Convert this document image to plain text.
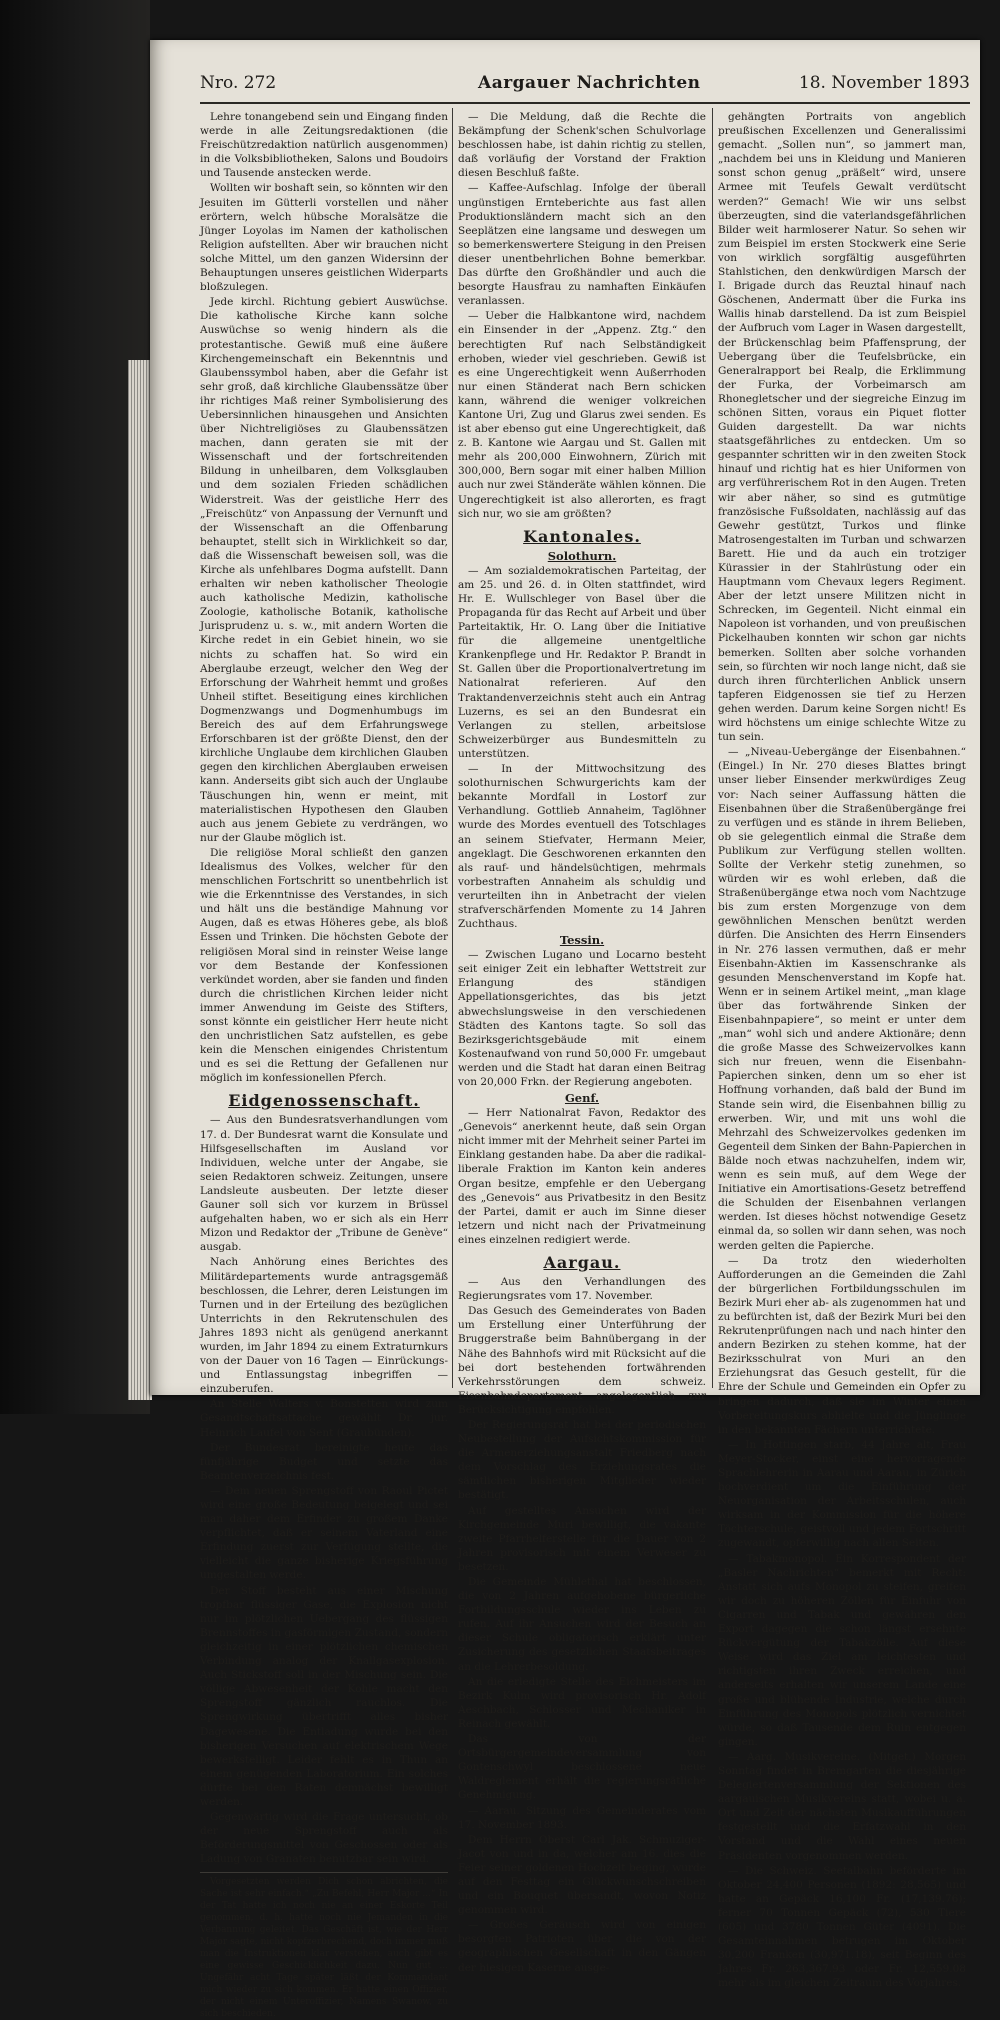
Nro. 272	Aargauer Nachrichten	18. November 1893

Lehre tonangebend sein und Eingang finden werde in alle Zeitungsredaktionen (die Freischützredaktion natürlich ausgenommen) in die Volksbibliotheken, Salons und Boudoirs und Tausende anstecken werde.

Wollten wir boshaft sein, so könnten wir den Jesuiten im Gütterli vorstellen und näher erörtern, welch hübsche Moralsätze die Jünger Loyolas im Namen der katholischen Religion aufstellten. Aber wir brauchen nicht solche Mittel, um den ganzen Widersinn der Behauptungen unseres geistlichen Widerparts bloßzulegen.

Jede kirchl. Richtung gebiert Auswüchse. Die katholische Kirche kann solche Auswüchse so wenig hindern als die protestantische. Gewiß muß eine äußere Kirchengemeinschaft ein Bekenntnis und Glaubenssymbol haben, aber die Gefahr ist sehr groß, daß kirchliche Glaubenssätze über ihr richtiges Maß reiner Symbolisierung des Uebersinnlichen hinausgehen und Ansichten über Nichtreligiöses zu Glaubenssätzen machen, dann geraten sie mit der Wissenschaft und der fortschreitenden Bildung in unheilbaren, dem Volksglauben und dem sozialen Frieden schädlichen Widerstreit. Was der geistliche Herr des „Freischütz“ von Anpassung der Vernunft und der Wissenschaft an die Offenbarung behauptet, stellt sich in Wirklichkeit so dar, daß die Wissenschaft beweisen soll, was die Kirche als unfehlbares Dogma aufstellt. Dann erhalten wir neben katholischer Theologie auch katholische Medizin, katholische Zoologie, katholische Botanik, katholische Jurisprudenz u. s. w., mit andern Worten die Kirche redet in ein Gebiet hinein, wo sie nichts zu schaffen hat. So wird ein Aberglaube erzeugt, welcher den Weg der Erforschung der Wahrheit hemmt und großes Unheil stiftet. Beseitigung eines kirchlichen Dogmenzwangs und Dogmenhumbugs im Bereich des auf dem Erfahrungswege Erforschbaren ist der größte Dienst, den der kirchliche Unglaube dem kirchlichen Glauben gegen den kirchlichen Aberglauben erweisen kann. Anderseits gibt sich auch der Unglaube Täuschungen hin, wenn er meint, mit materialistischen Hypothesen den Glauben auch aus jenem Gebiete zu verdrängen, wo nur der Glaube möglich ist.

Die religiöse Moral schließt den ganzen Idealismus des Volkes, welcher für den menschlichen Fortschritt so unentbehrlich ist wie die Erkenntnisse des Verstandes, in sich und hält uns die beständige Mahnung vor Augen, daß es etwas Höheres gebe, als bloß Essen und Trinken. Die höchsten Gebote der religiösen Moral sind in reinster Weise lange vor dem Bestande der Konfessionen verkündet worden, aber sie fanden und finden durch die christlichen Kirchen leider nicht immer Anwendung im Geiste des Stifters, sonst könnte ein geistlicher Herr heute nicht den unchristlichen Satz aufstellen, es gebe kein die Menschen einigendes Christentum und es sei die Rettung der Gefallenen nur möglich im konfessionellen Pferch.

Eidgenossenschaft.

— Aus den Bundesratsverhandlungen vom 17. d. Der Bundesrat warnt die Konsulate und Hilfsgesellschaften im Ausland vor Individuen, welche unter der Angabe, sie seien Redaktoren schweiz. Zeitungen, unsere Landsleute ausbeuten. Der letzte dieser Gauner soll sich vor kurzem in Brüssel aufgehalten haben, wo er sich als ein Herr Mizon und Redaktor der „Tribune de Genève“ ausgab.

Nach Anhörung eines Berichtes des Militärdepartements wurde antragsgemäß beschlossen, die Lehrer, deren Leistungen im Turnen und in der Erteilung des bezüglichen Unterrichts in den Rekrutenschulen des Jahres 1893 nicht als genügend anerkannt wurden, im Jahr 1894 zu einem Extraturnkurs von der Dauer von 16 Tagen — Einrückungs- und Entlassungstag inbegriffen — einzuberufen.

An Stelle Walters v. Bonstetten wird zum Gesandtschaftsattache gewählt Dr. jur. Heinrich Laufel von Sent (Graubünden).

Der Bundesrat bereinigte heute das fünfjährige Budget und setzte das Beamtenverzeichnis fest.

— Dem neuen Sprengstoff von Raoul Pictet wird eine große Bedeutung beigelegt und sei man daher dem Erfinder zu großem Danke verpflichtet, daß er seinem Vaterland eine Erfindung zuerst zur Verfügung stellte, die vielleicht die ganze bisherige Kriegsführung umgestalten werde.

Der Stoff besteht aus einer Mischung tropfbar flüssiger Gase, die Explosion nicht nur im plötzlichen Uebergang des flüssigen Brennstoffes in gasförmigen Zustand, sondern gleichzeitig in einer plötzlichen chemischen Verbindung analog der Knallgasexplosion. Auch Stickstoff soll in der Mischung sein. Die völlige Abwesenheit der Kohle macht den Sprengstoff gänzlich rauchlos. Die Sprengwirkung übertrifft alles bisher Dagewesene. Die Entladung wurde bei den bisherigen Versuchen auf elektrischem Wege bewerkstelligt. Leider fehlt es in Thun an einem genügenden Laboratorium. Ein solches dürfte bei den Raten demnächst bewilligt werden.

Gegenwärtig wird die Frage untersucht, ob der neue Sprengstoff auch als Beförderungsmittel von Geschossen oder als Ladung von Granaten benutzbar sein wird.

Vorgesetzten werden Dich schon abrichten, die Sache ist sehr einfach.“ „Zu Befehl, Herr Major ...“ In der Tat hatte ich noch nie an einer Eskorte Teil genommen, d. h. hatte noch nie Jemanden in die Verbannung geleitet. Das Geschäft ist, wie der Herr Major sagte, nicht kopfzerbrechend, doch immer muß man die Instruktionen klar verstehen, auch gibt es eine gewisse Geschicklichkeit dazu. Nun gut ... Ungefähr acht Tage später läßt der Kommandant mich wieder zu sich kommen. Er hatte einen Offizier, der nicht einem Unteroffizier, Namens Swanow, zu sich beschieden.

— Die Meldung, daß die Rechte die Bekämpfung der Schenk'schen Schulvorlage beschlossen habe, ist dahin richtig zu stellen, daß vorläufig der Vorstand der Fraktion diesen Beschluß faßte.

— Kaffee-Aufschlag. Infolge der überall ungünstigen Ernteberichte aus fast allen Produktionsländern macht sich an den Seeplätzen eine langsame und deswegen um so bemerkenswertere Steigung in den Preisen dieser unentbehrlichen Bohne bemerkbar. Das dürfte den Großhändler und auch die besorgte Hausfrau zu namhaften Einkäufen veranlassen.

— Ueber die Halbkantone wird, nachdem ein Einsender in der „Appenz. Ztg.“ den berechtigten Ruf nach Selbständigkeit erhoben, wieder viel geschrieben. Gewiß ist es eine Ungerechtigkeit wenn Außerrhoden nur einen Ständerat nach Bern schicken kann, während die weniger volkreichen Kantone Uri, Zug und Glarus zwei senden. Es ist aber ebenso gut eine Ungerechtigkeit, daß z. B. Kantone wie Aargau und St. Gallen mit mehr als 200,000 Einwohnern, Zürich mit 300,000, Bern sogar mit einer halben Million auch nur zwei Ständeräte wählen können. Die Ungerechtigkeit ist also allerorten, es fragt sich nur, wo sie am größten?

Kantonales.
Solothurn.

— Am sozialdemokratischen Parteitag, der am 25. und 26. d. in Olten stattfindet, wird Hr. E. Wullschleger von Basel über die Propaganda für das Recht auf Arbeit und über Parteitaktik, Hr. O. Lang über die Initiative für die allgemeine unentgeltliche Krankenpflege und Hr. Redaktor P. Brandt in St. Gallen über die Proportionalvertretung im Nationalrat referieren. Auf den Traktandenverzeichnis steht auch ein Antrag Luzerns, es sei an den Bundesrat ein Verlangen zu stellen, arbeitslose Schweizerbürger aus Bundesmitteln zu unterstützen.

— In der Mittwochsitzung des solothurnischen Schwurgerichts kam der bekannte Mordfall in Lostorf zur Verhandlung. Gottlieb Annaheim, Taglöhner wurde des Mordes eventuell des Totschlages an seinem Stiefvater, Hermann Meier, angeklagt. Die Geschworenen erkannten den als rauf- und händelsüchtigen, mehrmals vorbestraften Annaheim als schuldig und verurteilten ihn in Anbetracht der vielen strafverschärfenden Momente zu 14 Jahren Zuchthaus.

Tessin.

— Zwischen Lugano und Locarno besteht seit einiger Zeit ein lebhafter Wettstreit zur Erlangung des ständigen Appellationsgerichtes, das bis jetzt abwechslungsweise in den verschiedenen Städten des Kantons tagte. So soll das Bezirksgerichtsgebäude mit einem Kostenaufwand von rund 50,000 Fr. umgebaut werden und die Stadt hat daran einen Beitrag von 20,000 Frkn. der Regierung angeboten.

Genf.

— Herr Nationalrat Favon, Redaktor des „Genevois“ anerkennt heute, daß sein Organ nicht immer mit der Mehrheit seiner Partei im Einklang gestanden habe. Da aber die radikal-liberale Fraktion im Kanton kein anderes Organ besitze, empfehle er den Uebergang des „Genevois“ aus Privatbesitz in den Besitz der Partei, damit er auch im Sinne dieser letzern und nicht nach der Privatmeinung eines einzelnen redigiert werde.

Aargau.

— Aus den Verhandlungen des Regierungsrates vom 17. November.

Das Gesuch des Gemeinderates von Baden um Erstellung einer Unterführung der Bruggerstraße beim Bahnübergang in der Nähe des Bahnhofs wird mit Rücksicht auf die bei dort bestehenden fortwährenden Verkehrsstörungen dem schweiz. Eisenbahndepartement angelegentlich zur Berücksichtigung empfohlen.

Der Regierungsrat hat bei der periodischen Neubestellung der Aufsichtskommission für die Armenerziehungsanstalt Friedberg nach dem Vorschlag des Erziehungsrates die sämtlichen bisherigen Mitglieder wieder bestätigt.

Auf gestelltes Ansuchen wird der Kirchgemeinde Muri bewilligt, die vakante zweite Pfarrhelferstelle für die Dauer von 2 Jahren provisorisch mit einem Verweser zu besetzen.

Die Gemeinde Mühlethal hat beschlossen, die von 2 Jahren aufgehobene bürgerliche Fortbildungsschule wieder ins Leben zu rufen. Auf ihr Ansuchen wird der Besuch an dieser Schule obligatorisch erklärt unter Zusicherung des gesetzlichen Staatsbeitrages an die Lehrerbesoldung.

An die erledigte Stelle des Eichmeisters im Bezirk Kulm wird provisorisch Hr. Adolf Aeschbach, Schlosser und Mechaniker in Reinach gewählt.

Das von der Ortsbürgergemeindeversammlung von Gontenschwyl beschlossene neue Waldreglement erhält die regierungsrätliche Genehmigung.

— Aarau. Sitzung des Gemeinderates vom 17. November 1893.

Dem Herrn Oberst Carl Jak. Schmuziger-Jacot von und in da, welcher am 16. dies die Feier seiner goldenen Hochzeit beging, wurde auf den Festtag ein Glückwunschschreiben und ein Bouquet übersandt, wovon Notiz genommen wird.

— Großes Geräusch wird von einigen besorgten Patrioten über die von der geographischen Gesellschaft in den Gängen der hiesigen Kaserne ausge-

gehängten Portraits von angeblich preußischen Excellenzen und Generalissimi gemacht. „Sollen nun“, so jammert man, „nachdem bei uns in Kleidung und Manieren sonst schon genug „präßelt“ wird, unsere Armee mit Teufels Gewalt verdütscht werden?“ Gemach! Wie wir uns selbst überzeugten, sind die vaterlandsgefährlichen Bilder weit harmloserer Natur. So sehen wir zum Beispiel im ersten Stockwerk eine Serie von wirklich sorgfältig ausgeführten Stahlstichen, den denkwürdigen Marsch der I. Brigade durch das Reuztal hinauf nach Göschenen, Andermatt über die Furka ins Wallis hinab darstellend. Da ist zum Beispiel der Aufbruch vom Lager in Wasen dargestellt, der Brückenschlag beim Pfaffensprung, der Uebergang über die Teufelsbrücke, ein Generalrapport bei Realp, die Erklimmung der Furka, der Vorbeimarsch am Rhonegletscher und der siegreiche Einzug im schönen Sitten, voraus ein Piquet flotter Guiden dargestellt. Da war nichts staatsgefährliches zu entdecken. Um so gespannter schritten wir in den zweiten Stock hinauf und richtig hat es hier Uniformen von arg verführerischem Rot in den Augen. Treten wir aber näher, so sind es gutmütige französische Fußsoldaten, nachlässig auf das Gewehr gestützt, Turkos und flinke Matrosengestalten im Turban und schwarzen Barett. Hie und da auch ein trotziger Kürassier in der Stahlrüstung oder ein Hauptmann vom Chevaux legers Regiment. Aber der letzt unsere Militzen nicht in Schrecken, im Gegenteil. Nicht einmal ein Napoleon ist vorhanden, und von preußischen Pickelhauben konnten wir schon gar nichts bemerken. Sollten aber solche vorhanden sein, so fürchten wir noch lange nicht, daß sie durch ihren fürchterlichen Anblick unsern tapferen Eidgenossen sie tief zu Herzen gehen werden. Darum keine Sorgen nicht! Es wird höchstens um einige schlechte Witze zu tun sein.

— „Niveau-Uebergänge der Eisenbahnen.“ (Eingel.) In Nr. 270 dieses Blattes bringt unser lieber Einsender merkwürdiges Zeug vor: Nach seiner Auffassung hätten die Eisenbahnen über die Straßenübergänge frei zu verfügen und es stände in ihrem Belieben, ob sie gelegentlich einmal die Straße dem Publikum zur Verfügung stellen wollten. Sollte der Verkehr stetig zunehmen, so würden wir es wohl erleben, daß die Straßenübergänge etwa noch vom Nachtzuge bis zum ersten Morgenzuge von dem gewöhnlichen Menschen benützt werden dürfen. Die Ansichten des Herrn Einsenders in Nr. 276 lassen vermuthen, daß er mehr Eisenbahn-Aktien im Kassenschranke als gesunden Menschenverstand im Kopfe hat. Wenn er in seinem Artikel meint, „man klage über das fortwährende Sinken der Eisenbahnpapiere“, so meint er unter dem „man“ wohl sich und andere Aktionäre; denn die große Masse des Schweizervolkes kann sich nur freuen, wenn die Eisenbahn-Papierchen sinken, denn um so eher ist Hoffnung vorhanden, daß bald der Bund im Stande sein wird, die Eisenbahnen billig zu erwerben. Wir, und mit uns wohl die Mehrzahl des Schweizervolkes gedenken im Gegenteil dem Sinken der Bahn-Papierchen in Bälde noch etwas nachzuhelfen, indem wir, wenn es sein muß, auf dem Wege der Initiative ein Amortisations-Gesetz betreffend die Schulden der Eisenbahnen verlangen werden. Ist dieses höchst notwendige Gesetz einmal da, so sollen wir dann sehen, was noch werden gelten die Papierche.

— Da trotz den wiederholten Aufforderungen an die Gemeinden die Zahl der bürgerlichen Fortbildungsschulen im Bezirk Muri eher ab- als zugenommen hat und zu befürchten ist, daß der Bezirk Muri bei den Rekrutenprüfungen nach und nach hinter den andern Bezirken zu stehen komme, hat der Bezirksschulrat von Muri an den Erziehungsrat das Gesuch gestellt, für die Ehre der Schule und Gemeinden ein Opfer zu bringen dadurch, daß sie im Winter einen Vorbereitungskurs abhielte und die Jünglinge in den bekannten Fächern unterrichtete.

— In Hottingen starb, 44 Jahre alt, Frau Meyer-Stocker, einst eine hervorragende Sprachlehrerin in Aarau und Aarau, in Zürich hochverdient um die Einführung der Neuorganisation der Arbeitsschulen, auch wirksam in der Kommission für die höhere Töchterschule, geistvoll und jedem Fortschritt zugewandt, opferwillig nach allen Seiten.

— Tabakmonopol. Ein Korrespondent der „Basler Nachrichten“ bemerkt mit Recht: Anstatt sich aufs Monopol zu steifen, greifen wir doch zu höheren Zöllen für Einfuhr von Cigarren und Tabak und gewähren den Export dagegen die schon längst ersehnte Rückvergütung der Tabakzölle. Auf diese Weise wird das Ziel am leichtesten und richtigsten ihren Zweck erreichen, und anderseits erhalten wir unserem Lande eine große und blühende Industrie, welche durch Einführung des Monopols plötzlich vernichtet würde, so daß Tausende dem Ruin entgegen gingen.

— Aarg. Musikvereine. (Mitget.) Morgen Sonntag findet in Bremgarten die diesjährige Delegiertenversammlung der Sektionen des aargauischen Musikvereins statt, wobei u. a. Ort und Zeit der nächsten Musikaufführungen festgestellt und die Erfatzwahl in den Vorstand und die Wahl eines neuen Präsidenten vorgenommen werden.

— Die Schweiz. Seetalbahn beförderte im Oktober 24,400 Personen (1892: 28,565) und hatte an Gepäck 16,100 Fr. (17,139.76); ferner 70 Tonnen Gepäck (72), 530 Tiere (605) und 3780 Tonnen Güter (4091). Die Gesamteinnahmen betrugen im Oktober 30,200 Franken (30,971.18), seit Beginn des Jahres Fr. 263,367.93 oder Fr. 12,559.08 mehr als im gleichen Zeitraum des Vorjahres.
